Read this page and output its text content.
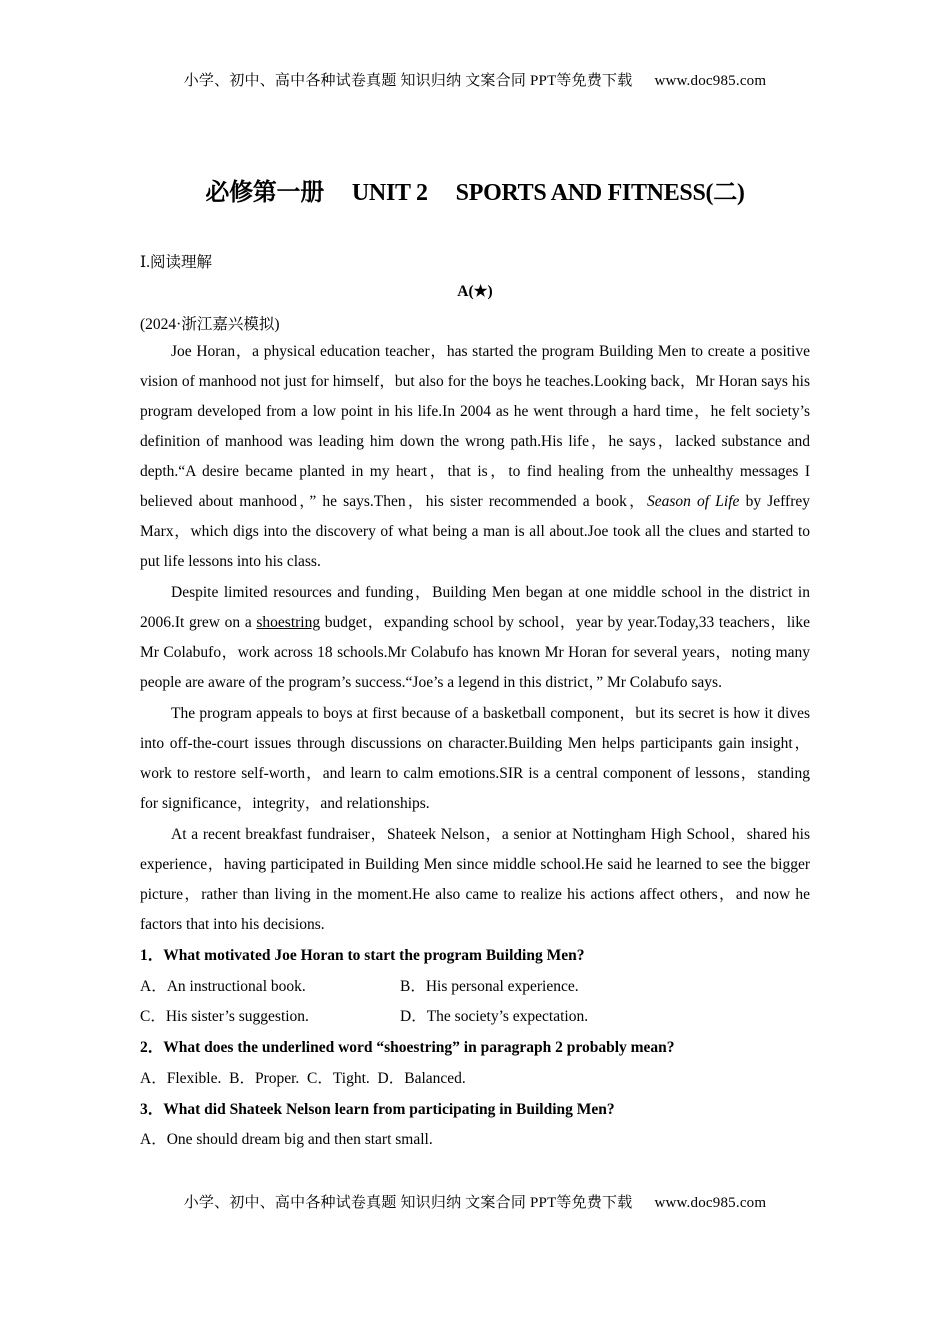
小学、初中、高中各种试卷真题 知识归纳 文案合同 PPT等免费下载 www.doc985.com
必修第一册 UNIT 2 SPORTS AND FITNESS(二)
Ⅰ.阅读理解
A(★)
(2024·浙江嘉兴模拟)

Joe Horan，a physical education teacher，has started the program Building Men to create a positive vision of manhood not just for himself，but also for the boys he teaches.Looking back，Mr Horan says his program developed from a low point in his life.In 2004 as he went through a hard time，he felt society’s definition of manhood was leading him down the wrong path.His life，he says，lacked substance and depth.“A desire became planted in my heart，that is，to find healing from the unhealthy messages I believed about manhood，” he says.Then，his sister recommended a book，Season of Life by Jeffrey Marx，which digs into the discovery of what being a man is all about.Joe took all the clues and started to put life lessons into his class.

Despite limited resources and funding，Building Men began at one middle school in the district in 2006.It grew on a shoestring budget，expanding school by school，year by year.Today,33 teachers，like Mr Colabufo，work across 18 schools.Mr Colabufo has known Mr Horan for several years，noting many people are aware of the program’s success.“Joe’s a legend in this district，” Mr Colabufo says.

The program appeals to boys at first because of a basketball component，but its secret is how it dives into off-the-court issues through discussions on character.Building Men helps participants gain insight，work to restore self-worth，and learn to calm emotions.SIR is a central component of lessons，standing for significance，integrity，and relationships.

At a recent breakfast fundraiser，Shateek Nelson，a senior at Nottingham High School，shared his experience，having participated in Building Men since middle school.He said he learned to see the bigger picture，rather than living in the moment.He also came to realize his actions affect others，and now he factors that into his decisions.

1．What motivated Joe Horan to start the program Building Men?

A．An instructional book.	B．His personal experience.

C．His sister’s suggestion.	D．The society’s expectation.

2．What does the underlined word “shoestring” in paragraph 2 probably mean?

A．Flexible.  B．Proper.  C．Tight.  D．Balanced.

3．What did Shateek Nelson learn from participating in Building Men?

A．One should dream big and then start small.

小学、初中、高中各种试卷真题 知识归纳 文案合同 PPT等免费下载 www.doc985.com
